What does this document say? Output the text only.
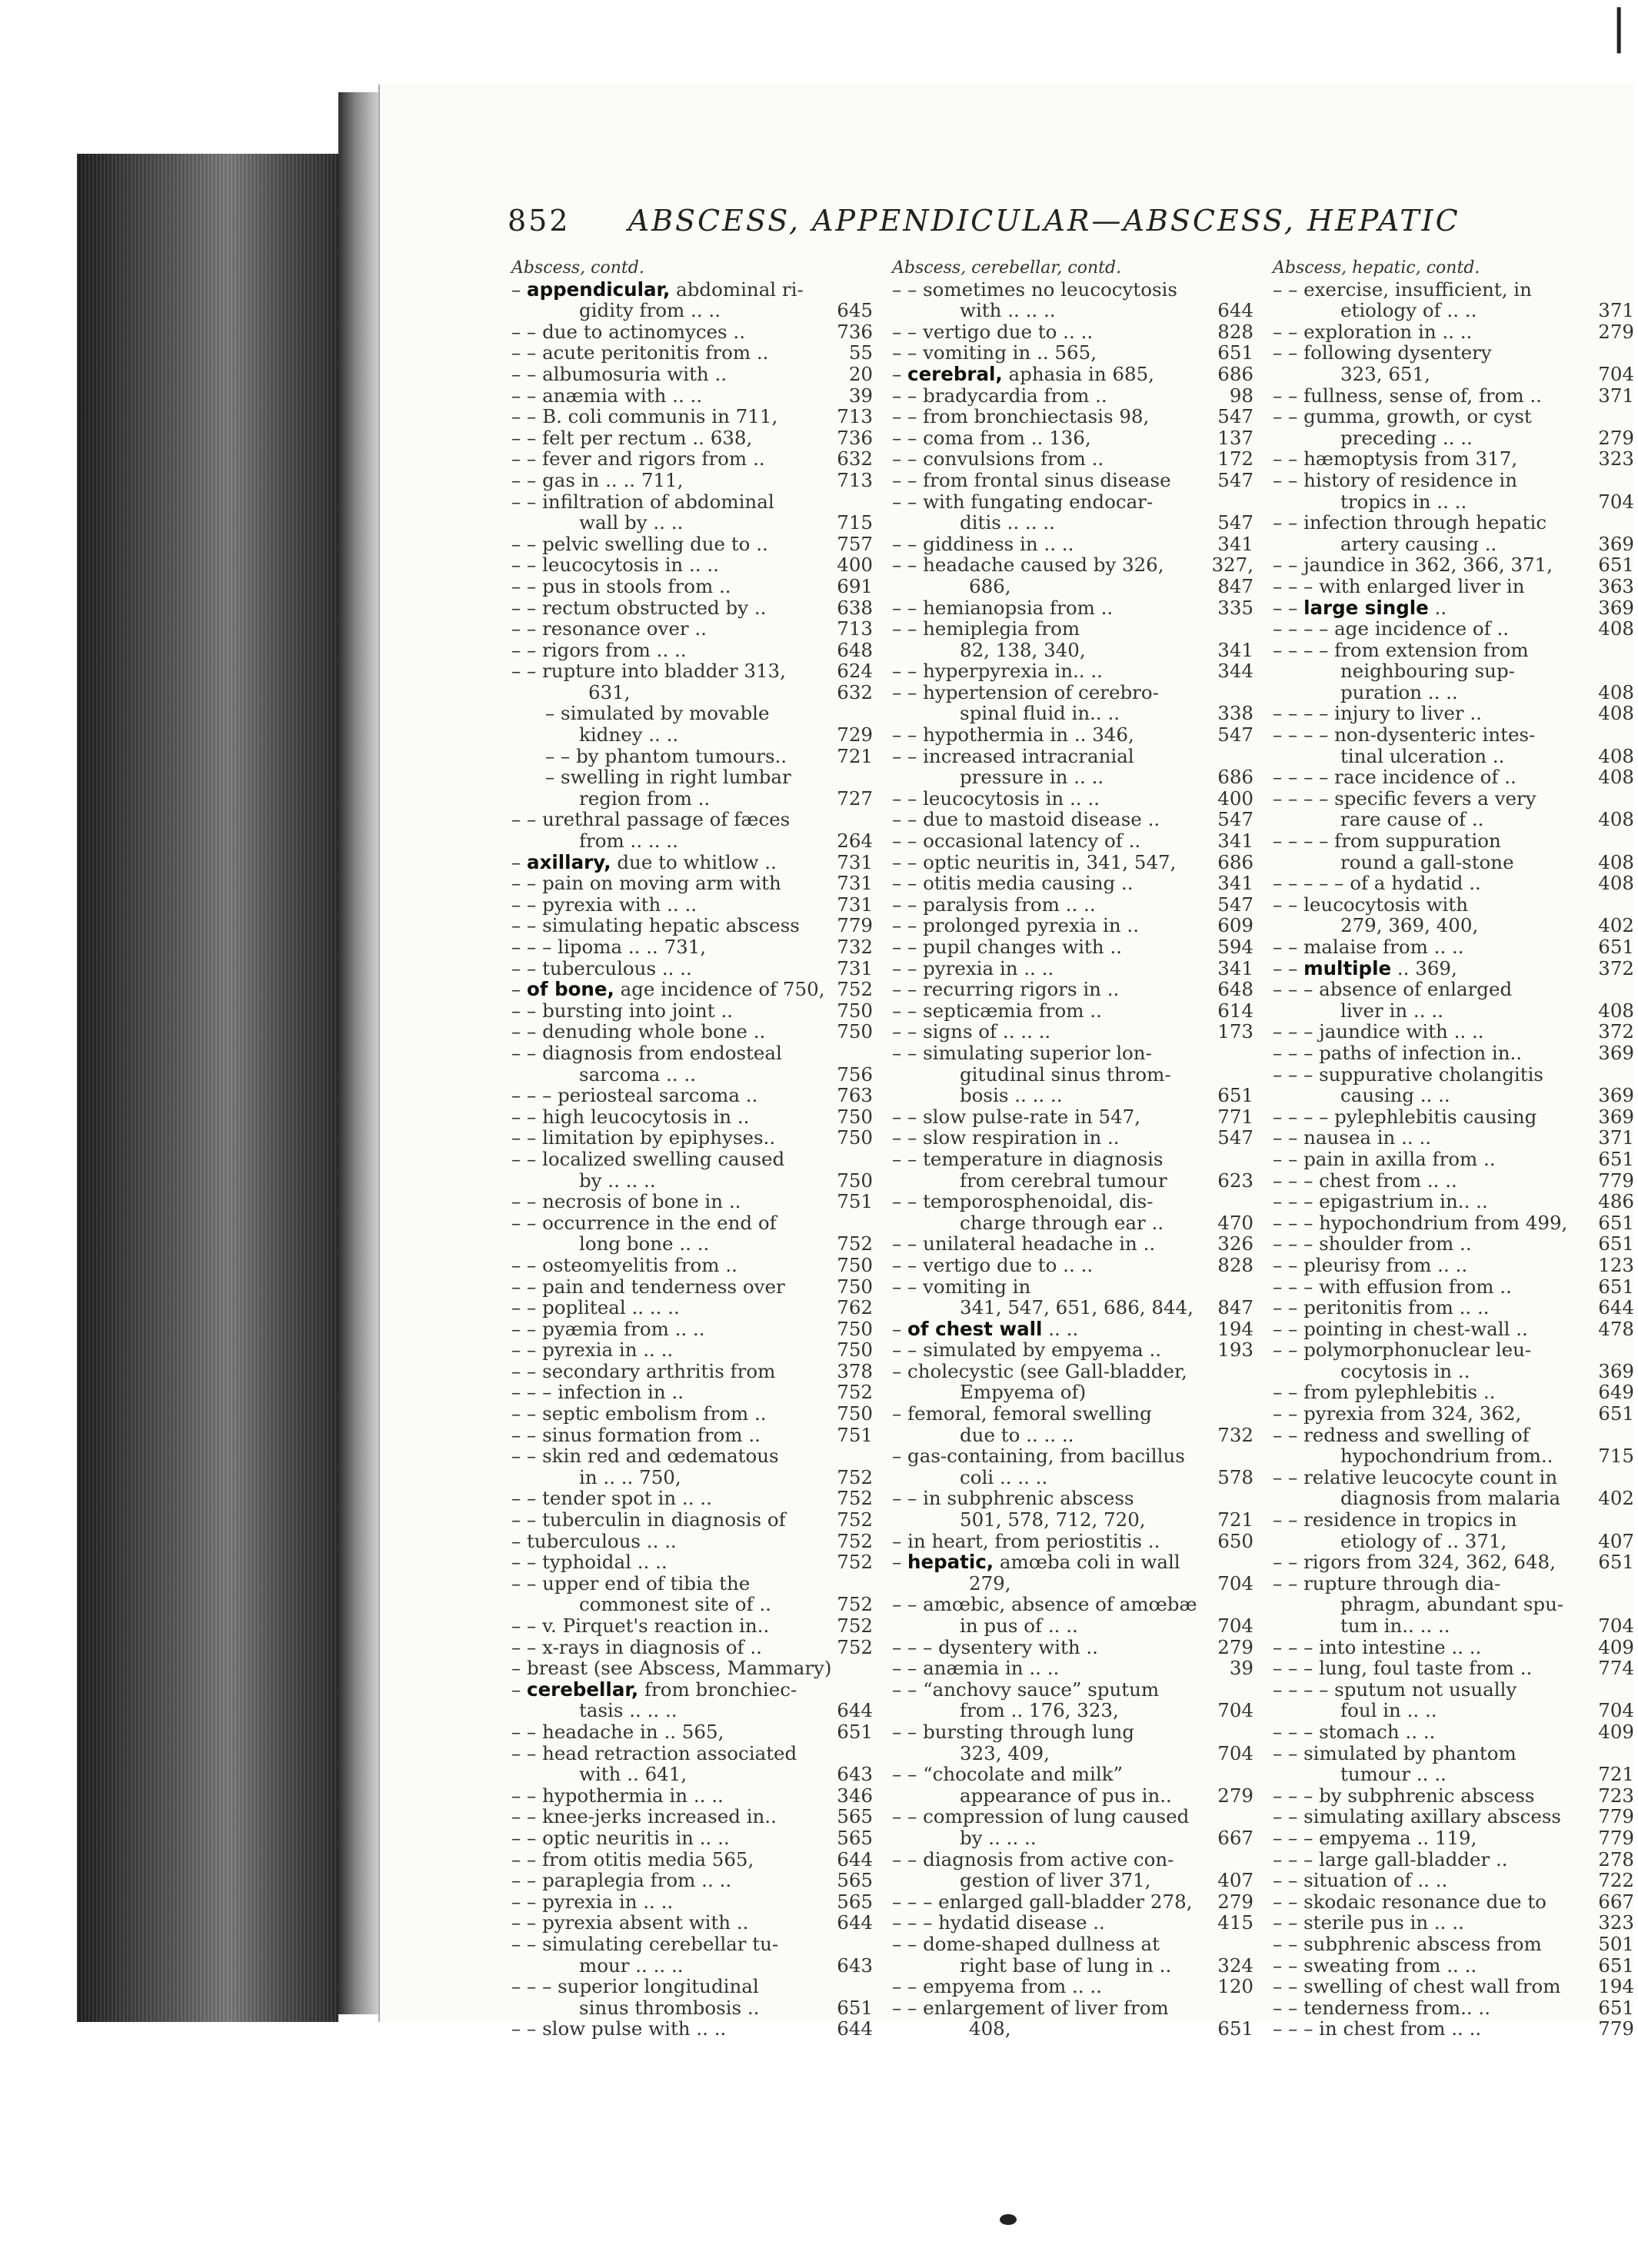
❘
852 ABSCESS, APPENDICULAR—ABSCESS, HEPATIC
Abscess, contd.
– appendicular, abdominal ri-
gidity from .. ..	645
– – due to actinomyces ..	736
– – acute peritonitis from ..	55
– – albumosuria with ..	20
– – anæmia with .. ..	39
– – B. coli communis in 711,	713
– – felt per rectum .. 638,	736
– – fever and rigors from ..	632
– – gas in .. .. 711,	713
– – infiltration of abdominal
wall by .. ..	715
– – pelvic swelling due to ..	757
– – leucocytosis in .. ..	400
– – pus in stools from ..	691
– – rectum obstructed by ..	638
– – resonance over ..	713
– – rigors from .. ..	648
– – rupture into bladder 313,	624
631,	632
– simulated by movable
kidney .. ..	729
– – by phantom tumours..	721
– swelling in right lumbar
region from ..	727
– – urethral passage of fæces
from .. .. ..	264
– axillary, due to whitlow ..	731
– – pain on moving arm with	731
– – pyrexia with .. ..	731
– – simulating hepatic abscess	779
– – – lipoma .. .. 731,	732
– – tuberculous .. ..	731
– of bone, age incidence of 750, 752
– – bursting into joint ..	750
– – denuding whole bone ..	750
– – diagnosis from endosteal
sarcoma .. ..	756
– – – periosteal sarcoma ..	763
– – high leucocytosis in ..	750
– – limitation by epiphyses..	750
– – localized swelling caused
by .. .. ..	750
– – necrosis of bone in ..	751
– – occurrence in the end of
long bone .. ..	752
– – osteomyelitis from ..	750
– – pain and tenderness over	750
– – popliteal .. .. ..	762
– – pyæmia from .. ..	750
– – pyrexia in .. ..	750
– – secondary arthritis from	378
– – – infection in ..	752
– – septic embolism from ..	750
– – sinus formation from ..	751
– – skin red and œdematous
in .. .. 750,	752
– – tender spot in .. ..	752
– – tuberculin in diagnosis of	752
– tuberculous .. ..	752
– – typhoidal .. ..	752
– – upper end of tibia the
commonest site of ..	752
– – v. Pirquet's reaction in..	752
– – x-rays in diagnosis of ..	752
– breast (see Abscess, Mammary)
– cerebellar, from bronchiec-
tasis .. .. ..	644
– – headache in .. 565,	651
– – head retraction associated
with .. 641,	643
– – hypothermia in .. ..	346
– – knee-jerks increased in..	565
– – optic neuritis in .. ..	565
– – from otitis media 565,	644
– – paraplegia from .. ..	565
– – pyrexia in .. ..	565
– – pyrexia absent with ..	644
– – simulating cerebellar tu-
mour .. .. ..	643
– – – superior longitudinal
sinus thrombosis ..	651
– – slow pulse with .. ..	644
Abscess, cerebellar, contd.
– – sometimes no leucocytosis
with .. .. ..	644
– – vertigo due to .. ..	828
– – vomiting in .. 565,	651
– cerebral, aphasia in 685,	686
– – bradycardia from ..	98
– – from bronchiectasis 98,	547
– – coma from .. 136,	137
– – convulsions from ..	172
– – from frontal sinus disease	547
– – with fungating endocar-
ditis .. .. ..	547
– – giddiness in .. ..	341
– – headache caused by 326,	327,
686,	847
– – hemianopsia from ..	335
– – hemiplegia from
82, 138, 340,	341
– – hyperpyrexia in.. ..	344
– – hypertension of cerebro-
spinal fluid in.. ..	338
– – hypothermia in .. 346,	547
– – increased intracranial
pressure in .. ..	686
– – leucocytosis in .. ..	400
– – due to mastoid disease ..	547
– – occasional latency of ..	341
– – optic neuritis in, 341, 547,	686
– – otitis media causing ..	341
– – paralysis from .. ..	547
– – prolonged pyrexia in ..	609
– – pupil changes with ..	594
– – pyrexia in .. ..	341
– – recurring rigors in ..	648
– – septicæmia from ..	614
– – signs of .. .. ..	173
– – simulating superior lon-
gitudinal sinus throm-
bosis .. .. ..	651
– – slow pulse-rate in 547,	771
– – slow respiration in ..	547
– – temperature in diagnosis
from cerebral tumour	623
– – temporosphenoidal, dis-
charge through ear ..	470
– – unilateral headache in ..	326
– – vertigo due to .. ..	828
– – vomiting in
341, 547, 651, 686, 844,	847
– of chest wall .. ..	194
– – simulated by empyema ..	193
– cholecystic (see Gall-bladder,
Empyema of)
– femoral, femoral swelling
due to .. .. ..	732
– gas-containing, from bacillus
coli .. .. ..	578
– – in subphrenic abscess
501, 578, 712, 720,	721
– in heart, from periostitis ..	650
– hepatic, amœba coli in wall
279,	704
– – amœbic, absence of amœbæ
in pus of .. ..	704
– – – dysentery with ..	279
– – anæmia in .. ..	39
– – “anchovy sauce” sputum
from .. 176, 323,	704
– – bursting through lung
323, 409,	704
– – “chocolate and milk”
appearance of pus in..	279
– – compression of lung caused
by .. .. ..	667
– – diagnosis from active con-
gestion of liver 371,	407
– – – enlarged gall-bladder 278,	279
– – – hydatid disease ..	415
– – dome-shaped dullness at
right base of lung in ..	324
– – empyema from .. ..	120
– – enlargement of liver from
408,	651
Abscess, hepatic, contd.
– – exercise, insufficient, in
etiology of .. ..	371
– – exploration in .. ..	279
– – following dysentery
323, 651,	704
– – fullness, sense of, from ..	371
– – gumma, growth, or cyst
preceding .. ..	279
– – hæmoptysis from 317,	323
– – history of residence in
tropics in .. ..	704
– – infection through hepatic
artery causing ..	369
– – jaundice in 362, 366, 371,	651
– – – with enlarged liver in	363
– – large single ..	369
– – – – age incidence of ..	408
– – – – from extension from
neighbouring sup-
puration .. ..	408
– – – – injury to liver ..	408
– – – – non-dysenteric intes-
tinal ulceration ..	408
– – – – race incidence of ..	408
– – – – specific fevers a very
rare cause of ..	408
– – – – from suppuration
round a gall-stone	408
– – – – – of a hydatid ..	408
– – leucocytosis with
279, 369, 400,	402
– – malaise from .. ..	651
– – multiple .. 369,	372
– – – absence of enlarged
liver in .. ..	408
– – – jaundice with .. ..	372
– – – paths of infection in..	369
– – – suppurative cholangitis
causing .. ..	369
– – – – pylephlebitis causing	369
– – nausea in .. ..	371
– – pain in axilla from ..	651
– – – chest from .. ..	779
– – – epigastrium in.. ..	486
– – – hypochondrium from 499,	651
– – – shoulder from ..	651
– – pleurisy from .. ..	123
– – – with effusion from ..	651
– – peritonitis from .. ..	644
– – pointing in chest-wall ..	478
– – polymorphonuclear leu-
cocytosis in ..	369
– – from pylephlebitis ..	649
– – pyrexia from 324, 362,	651
– – redness and swelling of
hypochondrium from..	715
– – relative leucocyte count in
diagnosis from malaria	402
– – residence in tropics in
etiology of .. 371,	407
– – rigors from 324, 362, 648,	651
– – rupture through dia-
phragm, abundant spu-
tum in.. .. ..	704
– – – into intestine .. ..	409
– – – lung, foul taste from ..	774
– – – – sputum not usually
foul in .. ..	704
– – – stomach .. ..	409
– – simulated by phantom
tumour .. ..	721
– – – by subphrenic abscess	723
– – simulating axillary abscess	779
– – – empyema .. 119,	779
– – – large gall-bladder ..	278
– – situation of .. ..	722
– – skodaic resonance due to	667
– – sterile pus in .. ..	323
– – subphrenic abscess from	501
– – sweating from .. ..	651
– – swelling of chest wall from	194
– – tenderness from.. ..	651
– – – in chest from .. ..	779
